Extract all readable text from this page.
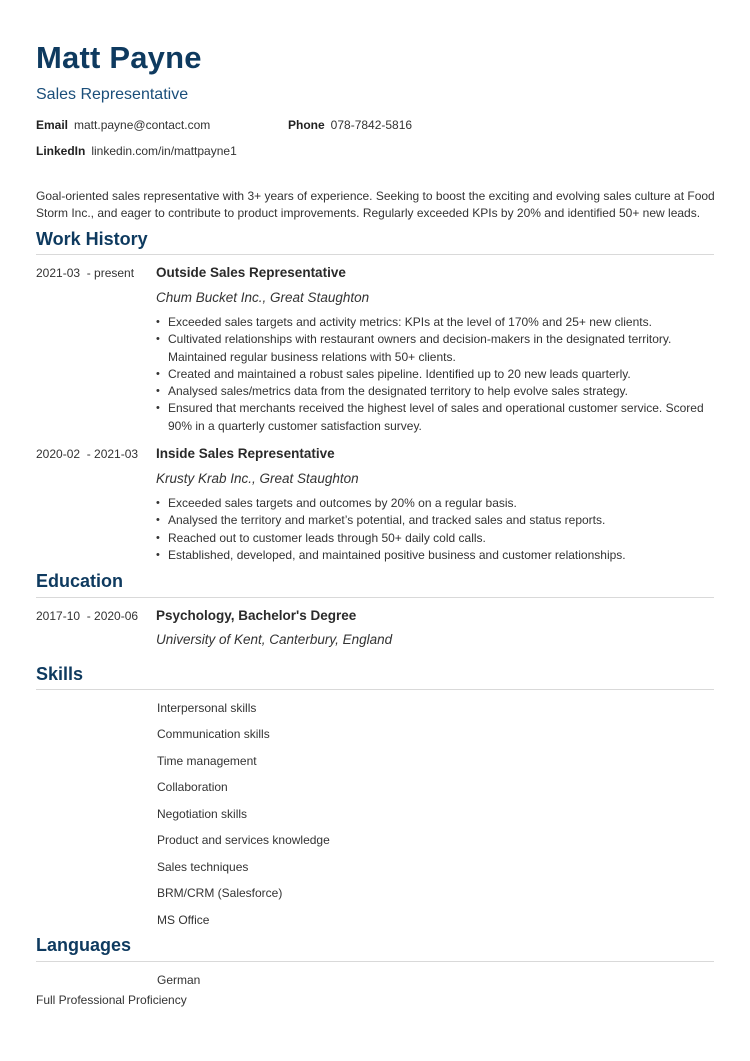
Matt Payne
Sales Representative
Email matt.payne@contact.com	Phone 078-7842-5816
LinkedIn linkedin.com/in/mattpayne1
Goal-oriented sales representative with 3+ years of experience. Seeking to boost the exciting and evolving sales culture at Food Storm Inc., and eager to contribute to product improvements. Regularly exceeded KPIs by 20% and identified 50+ new leads.
Work History
2021-03  - present Outside Sales Representative
Chum Bucket Inc., Great Staughton
• Exceeded sales targets and activity metrics: KPIs at the level of 170% and 25+ new clients.
• Cultivated relationships with restaurant owners and decision-makers in the designated territory. Maintained regular business relations with 50+ clients.
• Created and maintained a robust sales pipeline. Identified up to 20 new leads quarterly.
• Analysed sales/metrics data from the designated territory to help evolve sales strategy.
• Ensured that merchants received the highest level of sales and operational customer service. Scored 90% in a quarterly customer satisfaction survey.
2020-02  - 2021-03 Inside Sales Representative
Krusty Krab Inc., Great Staughton
• Exceeded sales targets and outcomes by 20% on a regular basis.
• Analysed the territory and market’s potential, and tracked sales and status reports.
• Reached out to customer leads through 50+ daily cold calls.
• Established, developed, and maintained positive business and customer relationships.
Education
2017-10  - 2020-06 Psychology, Bachelor's Degree
University of Kent, Canterbury, England
Skills
Interpersonal skills
Communication skills
Time management
Collaboration
Negotiation skills
Product and services knowledge
Sales techniques
BRM/CRM (Salesforce)
MS Office
Languages
German
Full Professional Proficiency
